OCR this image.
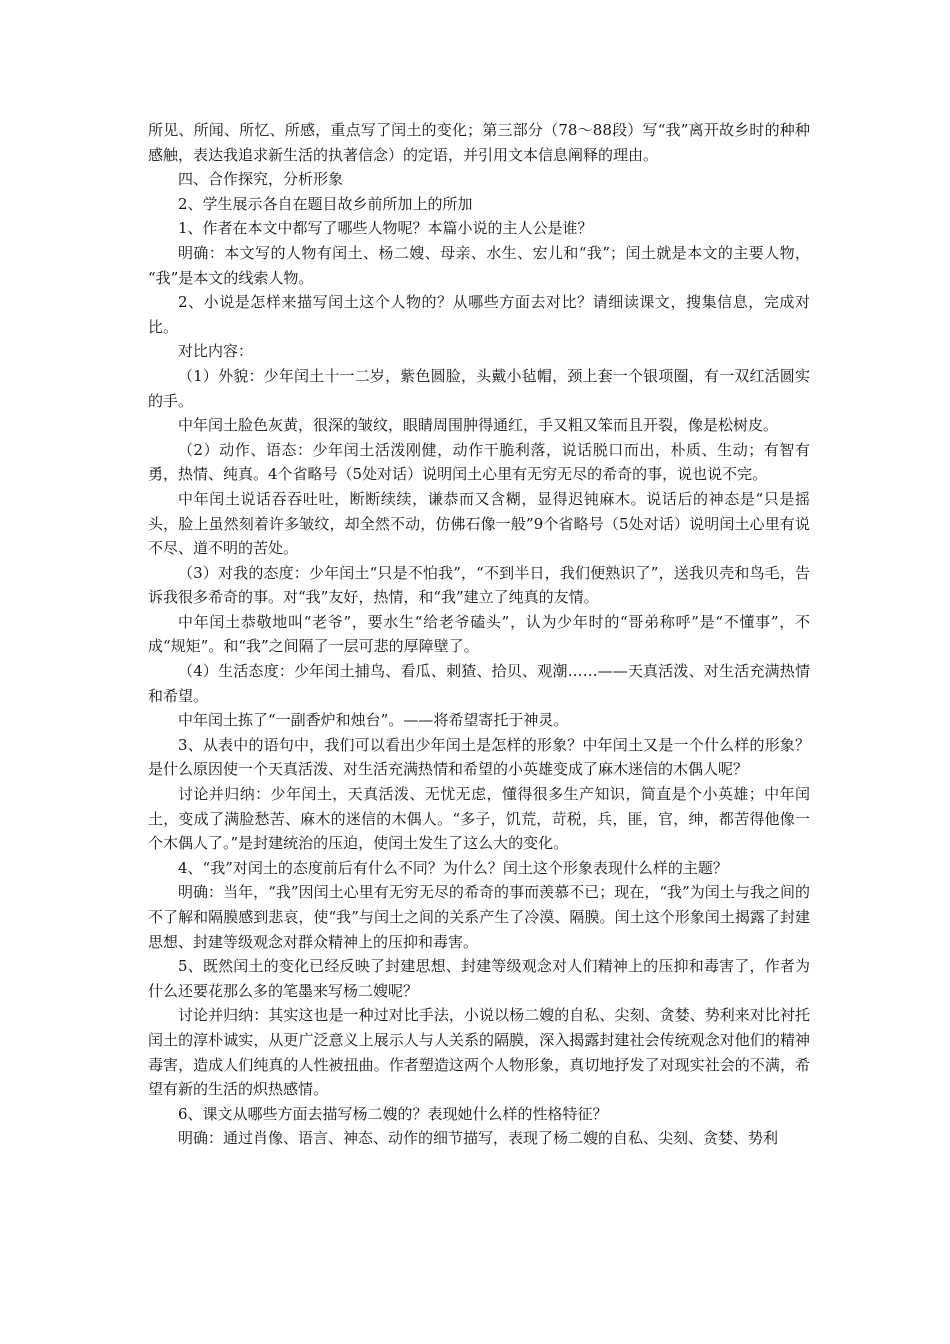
所见、所闻、所忆、所感，重点写了闰土的变化；第三部分（78～88段）写“我”离开故乡时的种种感触，表达我追求新生活的执著信念）的定语，并引用文本信息阐释的理由。

四、合作探究，分析形象

2、学生展示各自在题目故乡前所加上的所加

1、作者在本文中都写了哪些人物呢？本篇小说的主人公是谁？

明确：本文写的人物有闰土、杨二嫂、母亲、水生、宏儿和“我”；闰土就是本文的主要人物， “我”是本文的线索人物。

2、小说是怎样来描写闰土这个人物的？从哪些方面去对比？请细读课文，搜集信息，完成对比。

对比内容：

（1）外貌：少年闰土十一二岁，紫色圆脸，头戴小毡帽，颈上套一个银项圈，有一双红活圆实的手。

中年闰土脸色灰黄，很深的皱纹，眼睛周围肿得通红，手又粗又笨而且开裂，像是松树皮。

（2）动作、语态：少年闰土活泼刚健，动作干脆利落，说话脱口而出，朴质、生动；有智有勇，热情、纯真。4个省略号（5处对话）说明闰土心里有无穷无尽的希奇的事，说也说不完。

中年闰土说话吞吞吐吐，断断续续，谦恭而又含糊，显得迟钝麻木。说话后的神态是“只是摇头，脸上虽然刻着许多皱纹，却全然不动，仿佛石像一般”9个省略号（5处对话）说明闰土心里有说不尽、道不明的苦处。

（3）对我的态度：少年闰土“只是不怕我”，“不到半日，我们便熟识了”，送我贝壳和鸟毛，告诉我很多希奇的事。对“我”友好，热情，和“我”建立了纯真的友情。

中年闰土恭敬地叫“老爷”，要水生“给老爷磕头”，认为少年时的“哥弟称呼”是“不懂事”，不成“规矩”。和“我”之间隔了一层可悲的厚障壁了。

（4）生活态度：少年闰土捕鸟、看瓜、刺猹、拾贝、观潮……——天真活泼、对生活充满热情和希望。

中年闰土拣了“一副香炉和烛台”。——将希望寄托于神灵。

3、从表中的语句中，我们可以看出少年闰土是怎样的形象？中年闰土又是一个什么样的形象？是什么原因使一个天真活泼、对生活充满热情和希望的小英雄变成了麻木迷信的木偶人呢？

讨论并归纳：少年闰土，天真活泼、无忧无虑，懂得很多生产知识，简直是个小英雄；中年闰土，变成了满脸愁苦、麻木的迷信的木偶人。“多子，饥荒，苛税，兵，匪，官，绅，都苦得他像一个木偶人了。”是封建统治的压迫，使闰土发生了这么大的变化。

4、“我”对闰土的态度前后有什么不同？为什么？闰土这个形象表现什么样的主题？

明确：当年，“我”因闰土心里有无穷无尽的希奇的事而羡慕不已；现在，“我”为闰土与我之间的不了解和隔膜感到悲哀，使“我”与闰土之间的关系产生了冷漠、隔膜。闰土这个形象闰土揭露了封建思想、封建等级观念对群众精神上的压抑和毒害。

5、既然闰土的变化已经反映了封建思想、封建等级观念对人们精神上的压抑和毒害了，作者为什么还要花那么多的笔墨来写杨二嫂呢？

讨论并归纳：其实这也是一种过对比手法，小说以杨二嫂的自私、尖刻、贪婪、势利来对比衬托闰土的淳朴诚实，从更广泛意义上展示人与人关系的隔膜，深入揭露封建社会传统观念对他们的精神毒害，造成人们纯真的人性被扭曲。作者塑造这两个人物形象，真切地抒发了对现实社会的不满，希望有新的生活的炽热感情。

6、课文从哪些方面去描写杨二嫂的？表现她什么样的性格特征？

明确：通过肖像、语言、神态、动作的细节描写，表现了杨二嫂的自私、尖刻、贪婪、势利
